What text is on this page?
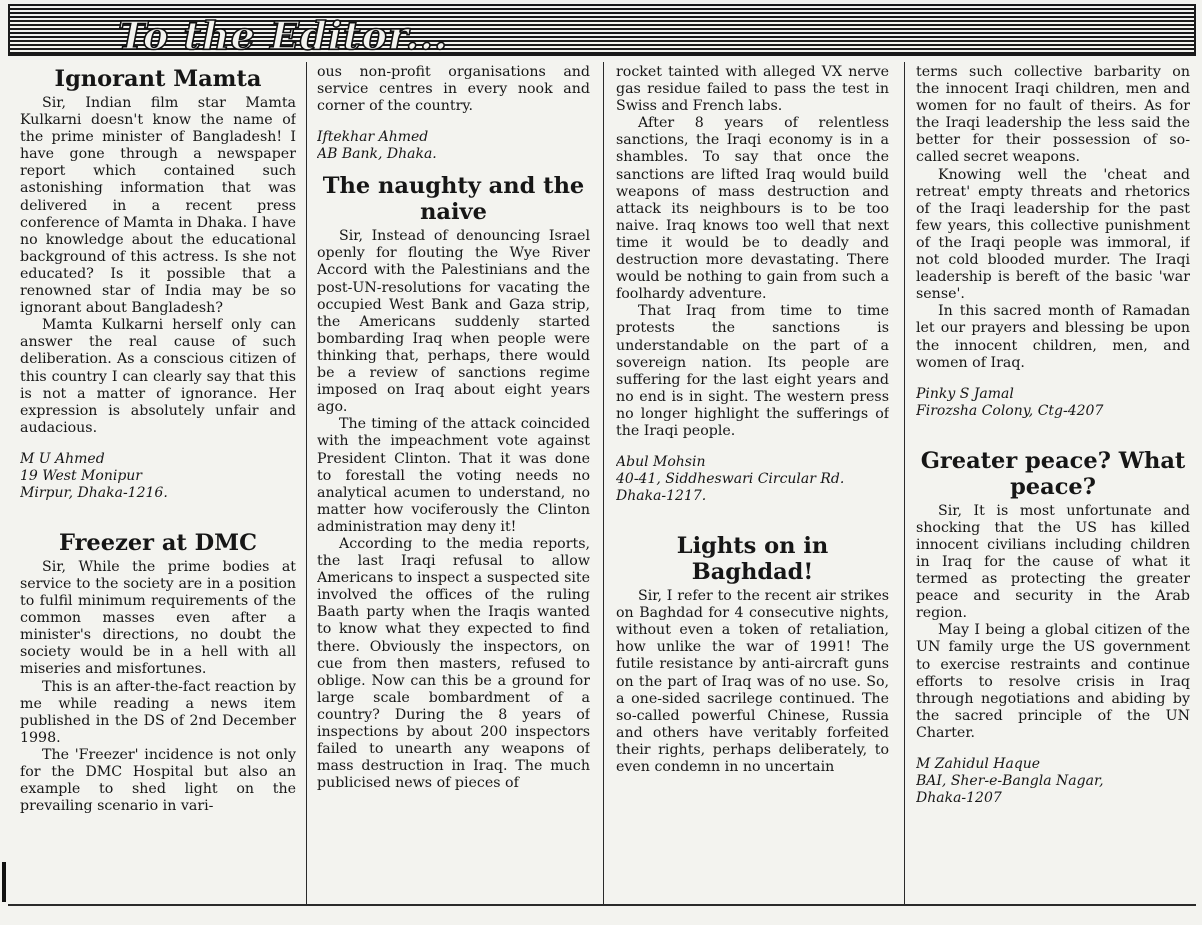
To the Editor...
Ignorant Mamta

Sir, Indian film star Mamta Kulkarni doesn't know the name of the prime minister of Bangladesh! I have gone through a newspaper report which contained such astonishing information that was delivered in a recent press conference of Mamta in Dhaka. I have no knowledge about the educational background of this actress. Is she not educated? Is it possible that a renowned star of India may be so ignorant about Bangladesh?

Mamta Kulkarni herself only can answer the real cause of such deliberation. As a conscious citizen of this country I can clearly say that this is not a matter of ignorance. Her expression is absolutely unfair and audacious.

M U Ahmed
19 West Monipur
Mirpur, Dhaka-1216.
Freezer at DMC

Sir, While the prime bodies at service to the society are in a position to fulfil minimum requirements of the common masses even after a minister's directions, no doubt the society would be in a hell with all miseries and misfortunes.

This is an after-the-fact reaction by me while reading a news item published in the DS of 2nd December 1998.

The 'Freezer' incidence is not only for the DMC Hospital but also an example to shed light on the prevailing scenario in vari-

ous non-profit organisations and service centres in every nook and corner of the country.

Iftekhar Ahmed
AB Bank, Dhaka.
The naughty and the naive

Sir, Instead of denouncing Israel openly for flouting the Wye River Accord with the Palestinians and the post-UN-resolutions for vacating the occupied West Bank and Gaza strip, the Americans suddenly started bombarding Iraq when people were thinking that, perhaps, there would be a review of sanctions regime imposed on Iraq about eight years ago.

The timing of the attack coincided with the impeachment vote against President Clinton. That it was done to forestall the voting needs no analytical acumen to understand, no matter how vociferously the Clinton administration may deny it!

According to the media reports, the last Iraqi refusal to allow Americans to inspect a suspected site involved the offices of the ruling Baath party when the Iraqis wanted to know what they expected to find there. Obviously the inspectors, on cue from then masters, refused to oblige. Now can this be a ground for large scale bombardment of a country? During the 8 years of inspections by about 200 inspectors failed to unearth any weapons of mass destruction in Iraq. The much publicised news of pieces of

rocket tainted with alleged VX nerve gas residue failed to pass the test in Swiss and French labs.

After 8 years of relentless sanctions, the Iraqi economy is in a shambles. To say that once the sanctions are lifted Iraq would build weapons of mass destruction and attack its neighbours is to be too naive. Iraq knows too well that next time it would be to deadly and destruction more devastating. There would be nothing to gain from such a foolhardy adventure.

That Iraq from time to time protests the sanctions is understandable on the part of a sovereign nation. Its people are suffering for the last eight years and no end is in sight. The western press no longer highlight the sufferings of the Iraqi people.

Abul Mohsin
40-41, Siddheswari Circular Rd.
Dhaka-1217.
Lights on in Baghdad!

Sir, I refer to the recent air strikes on Baghdad for 4 consecutive nights, without even a token of retaliation, how unlike the war of 1991! The futile resistance by anti-aircraft guns on the part of Iraq was of no use. So, a one-sided sacrilege continued. The so-called powerful Chinese, Russia and others have veritably forfeited their rights, perhaps deliberately, to even condemn in no uncertain

terms such collective barbarity on the innocent Iraqi children, men and women for no fault of theirs. As for the Iraqi leadership the less said the better for their possession of so-called secret weapons.

Knowing well the 'cheat and retreat' empty threats and rhetorics of the Iraqi leadership for the past few years, this collective punishment of the Iraqi people was immoral, if not cold blooded murder. The Iraqi leadership is bereft of the basic 'war sense'.

In this sacred month of Ramadan let our prayers and blessing be upon the innocent children, men, and women of Iraq.

Pinky S Jamal
Firozsha Colony, Ctg-4207
Greater peace? What peace?

Sir, It is most unfortunate and shocking that the US has killed innocent civilians including children in Iraq for the cause of what it termed as protecting the greater peace and security in the Arab region.

May I being a global citizen of the UN family urge the US government to exercise restraints and continue efforts to resolve crisis in Iraq through negotiations and abiding by the sacred principle of the UN Charter.

M Zahidul Haque
BAI, Sher-e-Bangla Nagar,
Dhaka-1207
